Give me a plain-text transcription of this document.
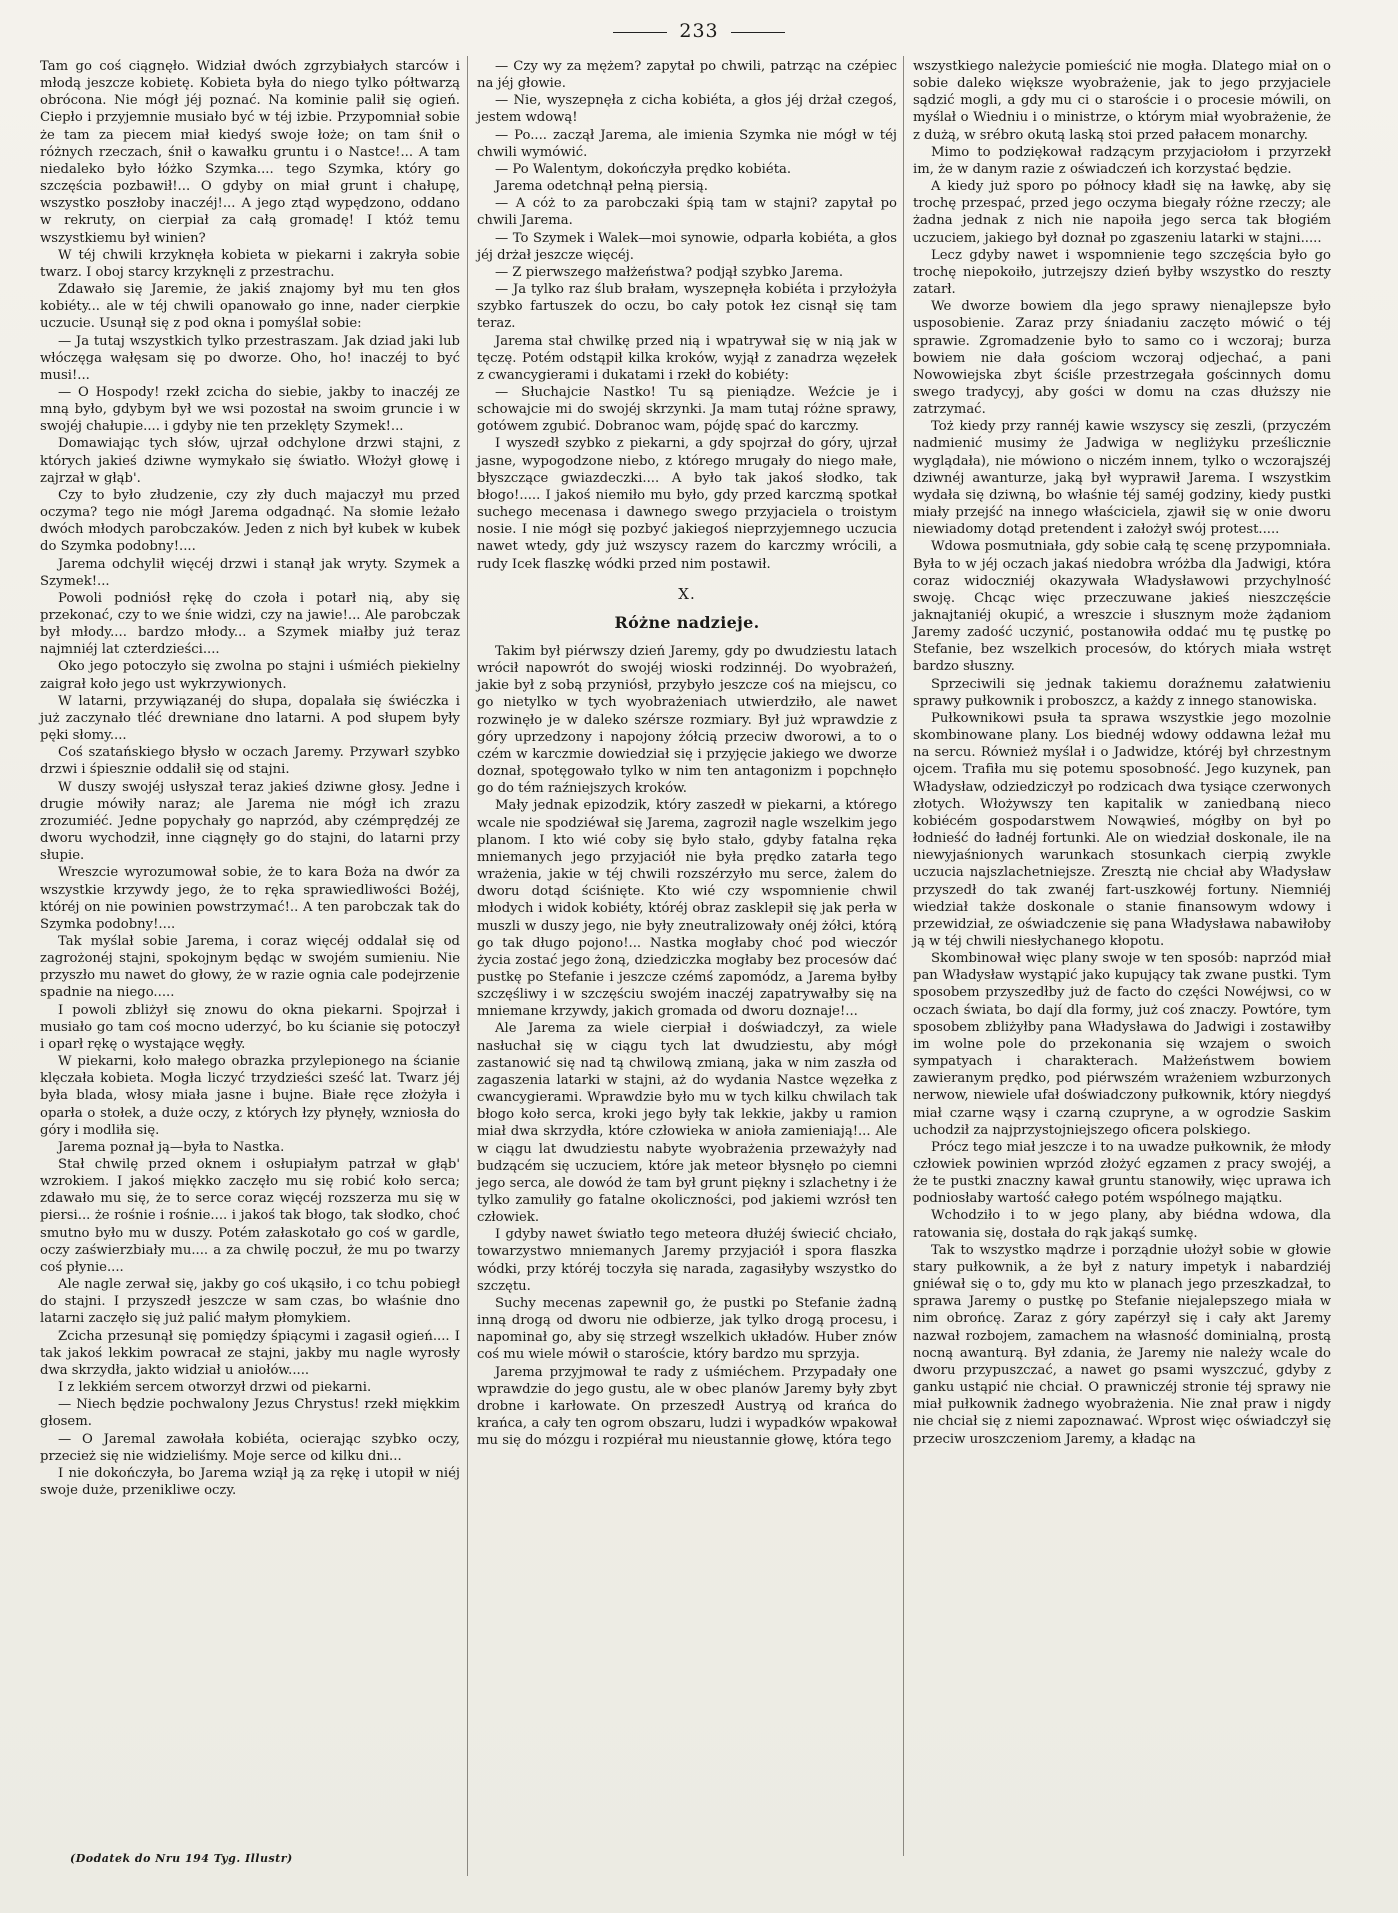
233

Tam go coś ciągnęło. Widział dwóch zgrzybiałych starców i młodą jeszcze kobietę. Kobieta była do niego tylko półtwarzą obrócona. Nie mógł jéj poznać. Na kominie palił się ogień. Ciepło i przyjemnie musiało być w téj izbie. Przypomniał sobie że tam za piecem miał kiedyś swoje łoże; on tam śnił o różnych rzeczach, śnił o kawałku gruntu i o Nastce!... A tam niedaleko było łóżko Szymka.... tego Szymka, który go szczęścia pozbawił!... O gdyby on miał grunt i chałupę, wszystko poszłoby inaczéj!... A jego ztąd wypędzono, oddano w rekruty, on cierpiał za całą gromadę! I któż temu wszystkiemu był winien?

W téj chwili krzyknęła kobieta w piekarni i zakryła sobie twarz. I oboj starcy krzyknęli z przestrachu.

Zdawało się Jaremie, że jakiś znajomy był mu ten głos kobiéty... ale w téj chwili opanowało go inne, nader cierpkie uczucie. Usunął się z pod okna i pomyślał sobie:

— Ja tutaj wszystkich tylko przestraszam. Jak dziad jaki lub włóczęga wałęsam się po dworze. Oho, ho! inaczéj to być musi!...

— O Hospody! rzekł zcicha do siebie, jakby to inaczéj ze mną było, gdybym był we wsi pozostał na swoim gruncie i w swojéj chałupie.... i gdyby nie ten przeklęty Szymek!...

Domawiając tych słów, ujrzał odchylone drzwi stajni, z których jakieś dziwne wymykało się światło. Włożył głowę i zajrzał w głąb'.

Czy to było złudzenie, czy zły duch majaczył mu przed oczyma? tego nie mógł Jarema odgadnąć. Na słomie leżało dwóch młodych parobczaków. Jeden z nich był kubek w kubek do Szymka podobny!....

Jarema odchylił więcéj drzwi i stanął jak wryty. Szymek a Szymek!...

Powoli podniósł rękę do czoła i potarł nią, aby się przekonać, czy to we śnie widzi, czy na jawie!... Ale parobczak był młody.... bardzo młody... a Szymek miałby już teraz najmniéj lat czterdzieści....

Oko jego potoczyło się zwolna po stajni i uśmiéch piekielny zaigrał koło jego ust wykrzywionych.

W latarni, przywiązanéj do słupa, dopalała się świéczka i już zaczynało tléć drewniane dno latarni. A pod słupem były pęki słomy....

Coś szatańskiego błysło w oczach Jaremy. Przywarł szybko drzwi i śpiesznie oddalił się od stajni.

W duszy swojéj usłyszał teraz jakieś dziwne głosy. Jedne i drugie mówiły naraz; ale Jarema nie mógł ich zrazu zrozumiéć. Jedne popychały go naprzód, aby czémprędzéj ze dworu wychodził, inne ciągnęły go do stajni, do latarni przy słupie.

Wreszcie wyrozumował sobie, że to kara Boża na dwór za wszystkie krzywdy jego, że to ręka sprawiedliwości Bożéj, któréj on nie powinien powstrzymać!.. A ten parobczak tak do Szymka podobny!....

Tak myślał sobie Jarema, i coraz więcéj oddalał się od zagrożonéj stajni, spokojnym będąc w swojém sumieniu. Nie przyszło mu nawet do głowy, że w razie ognia cale podejrzenie spadnie na niego.....

I powoli zbliżył się znowu do okna piekarni. Spojrzał i musiało go tam coś mocno uderzyć, bo ku ścianie się potoczył i oparł rękę o wystające węgły.

W piekarni, koło małego obrazka przylepionego na ścianie klęczała kobieta. Mogła liczyć trzydzieści sześć lat. Twarz jéj była blada, włosy miała jasne i bujne. Białe ręce złożyła i oparła o stołek, a duże oczy, z których łzy płynęły, wzniosła do góry i modliła się.

Jarema poznał ją—była to Nastka.

Stał chwilę przed oknem i osłupiałym patrzał w głąb' wzrokiem. I jakoś miękko zaczęło mu się robić koło serca; zdawało mu się, że to serce coraz więcéj rozszerza mu się w piersi... że rośnie i rośnie.... i jakoś tak błogo, tak słodko, choć smutno było mu w duszy. Potém załaskotało go coś w gardle, oczy zaświerzbiały mu.... a za chwilę poczuł, że mu po twarzy coś płynie....

Ale nagle zerwał się, jakby go coś ukąsiło, i co tchu pobiegł do stajni. I przyszedł jeszcze w sam czas, bo właśnie dno latarni zaczęło się już palić małym płomykiem.

Zcicha przesunął się pomiędzy śpiącymi i zagasił ogień.... I tak jakoś lekkim powracał ze stajni, jakby mu nagle wyrosły dwa skrzydła, jakto widział u aniołów.....

I z lekkiém sercem otworzył drzwi od piekarni.

— Niech będzie pochwalony Jezus Chrystus! rzekł miękkim głosem.

— O Jaremal zawołała kobiéta, ocierając szybko oczy, przecież się nie widzieliśmy. Moje serce od kilku dni...

I nie dokończyła, bo Jarema wziął ją za rękę i utopił w niéj swoje duże, przenikliwe oczy.

— Czy wy za mężem? zapytał po chwili, patrząc na czépiec na jéj głowie.

— Nie, wyszepnęła z cicha kobiéta, a głos jéj drżał czegoś, jestem wdową!

— Po.... zaczął Jarema, ale imienia Szymka nie mógł w téj chwili wymówić.

— Po Walentym, dokończyła prędko kobiéta.

Jarema odetchnął pełną piersią.

— A cóż to za parobczaki śpią tam w stajni? zapytał po chwili Jarema.

— To Szymek i Walek—moi synowie, odparła kobiéta, a głos jéj drżał jeszcze więcéj.

— Z pierwszego małżeństwa? podjął szybko Jarema.

— Ja tylko raz ślub brałam, wyszepnęła kobiéta i przyłożyła szybko fartuszek do oczu, bo cały potok łez cisnął się tam teraz.

Jarema stał chwilkę przed nią i wpatrywał się w nią jak w tęczę. Potém odstąpił kilka kroków, wyjął z zanadrza węzełek z cwancygierami i dukatami i rzekł do kobiéty:

— Słuchajcie Nastko! Tu są pieniądze. Weźcie je i schowajcie mi do swojéj skrzynki. Ja mam tutaj różne sprawy, gotówem zgubić. Dobranoc wam, pójdę spać do karczmy.

I wyszedł szybko z piekarni, a gdy spojrzał do góry, ujrzał jasne, wypogodzone niebo, z którego mrugały do niego małe, błyszczące gwiazdeczki.... A było tak jakoś słodko, tak błogo!..... I jakoś niemiło mu było, gdy przed karczmą spotkał suchego mecenasa i dawnego swego przyjaciela o troistym nosie. I nie mógł się pozbyć jakiegoś nieprzyjemnego uczucia nawet wtedy, gdy już wszyscy razem do karczmy wrócili, a rudy Icek flaszkę wódki przed nim postawił.

X.
Różne nadzieje.

Takim był piérwszy dzień Jaremy, gdy po dwudziestu latach wrócił napowrót do swojéj wioski rodzinnéj. Do wyobrażeń, jakie był z sobą przyniósł, przybyło jeszcze coś na miejscu, co go nietylko w tych wyobrażeniach utwierdziło, ale nawet rozwinęło je w daleko szérsze rozmiary. Był już wprawdzie z góry uprzedzony i napojony żółcią przeciw dworowi, a to o czém w karczmie dowiedział się i przyjęcie jakiego we dworze doznał, spotęgowało tylko w nim ten antagonizm i popchnęło go do tém raźniejszych kroków.

Mały jednak epizodzik, który zaszedł w piekarni, a którego wcale nie spodziéwał się Jarema, zagroził nagle wszelkim jego planom. I kto wié coby się było stało, gdyby fatalna ręka mniemanych jego przyjaciół nie była prędko zatarła tego wrażenia, jakie w téj chwili rozszérzyło mu serce, żalem do dworu dotąd ściśnięte. Kto wié czy wspomnienie chwil młodych i widok kobiéty, któréj obraz zasklepił się jak perła w muszli w duszy jego, nie były zneutralizowały onéj żółci, którą go tak długo pojono!... Nastka mogłaby choć pod wieczór życia zostać jego żoną, dziedziczka mogłaby bez procesów dać pustkę po Stefanie i jeszcze czémś zapomódz, a Jarema byłby szczęśliwy i w szczęściu swojém inaczéj zapatrywałby się na mniemane krzywdy, jakich gromada od dworu doznaje!...

Ale Jarema za wiele cierpiał i doświadczył, za wiele nasłuchał się w ciągu tych lat dwudziestu, aby mógł zastanowić się nad tą chwilową zmianą, jaka w nim zaszła od zagaszenia latarki w stajni, aż do wydania Nastce węzełka z cwancygierami. Wprawdzie było mu w tych kilku chwilach tak błogo koło serca, kroki jego były tak lekkie, jakby u ramion miał dwa skrzydła, które człowieka w anioła zamieniają!... Ale w ciągu lat dwudziestu nabyte wyobrażenia przeważyły nad budzącém się uczuciem, które jak meteor błysnęło po ciemni jego serca, ale dowód że tam był grunt piękny i szlachetny i że tylko zamuliły go fatalne okoliczności, pod jakiemi wzrósł ten człowiek.

I gdyby nawet światło tego meteora dłużéj świecić chciało, towarzystwo mniemanych Jaremy przyjaciół i spora flaszka wódki, przy któréj toczyła się narada, zagasiłyby wszystko do szczętu.

Suchy mecenas zapewnił go, że pustki po Stefanie żadną inną drogą od dworu nie odbierze, jak tylko drogą procesu, i napominał go, aby się strzegł wszelkich układów. Huber znów coś mu wiele mówił o staroście, który bardzo mu sprzyja.

Jarema przyjmował te rady z uśmiéchem. Przypadały one wprawdzie do jego gustu, ale w obec planów Jaremy były zbyt drobne i karłowate. On przeszedł Austryą od krańca do krańca, a cały ten ogrom obszaru, ludzi i wypadków wpakował mu się do mózgu i rozpiérał mu nieustannie głowę, która tego

wszystkiego należycie pomieścić nie mogła. Dlatego miał on o sobie daleko większe wyobrażenie, jak to jego przyjaciele sądzić mogli, a gdy mu ci o staroście i o procesie mówili, on myślał o Wiedniu i o ministrze, o którym miał wyobrażenie, że z dużą, w srébro okutą laską stoi przed pałacem monarchy.

Mimo to podziękował radzącym przyjaciołom i przyrzekł im, że w danym razie z oświadczeń ich korzystać będzie.

A kiedy już sporo po północy kładł się na ławkę, aby się trochę przespać, przed jego oczyma biegały różne rzeczy; ale żadna jednak z nich nie napoiła jego serca tak błogiém uczuciem, jakiego był doznał po zgaszeniu latarki w stajni.....

Lecz gdyby nawet i wspomnienie tego szczęścia było go trochę niepokoiło, jutrzejszy dzień byłby wszystko do reszty zatarł.

We dworze bowiem dla jego sprawy nienajlepsze było usposobienie. Zaraz przy śniadaniu zaczęto mówić o téj sprawie. Zgromadzenie było to samo co i wczoraj; burza bowiem nie dała gościom wczoraj odjechać, a pani Nowowiejska zbyt ściśle przestrzegała gościnnych domu swego tradycyj, aby gości w domu na czas dłuższy nie zatrzymać.

Toż kiedy przy rannéj kawie wszyscy się zeszli, (przyczém nadmienić musimy że Jadwiga w negliżyku prześlicznie wyglądała), nie mówiono o niczém innem, tylko o wczorajszéj dziwnéj awanturze, jaką był wyprawił Jarema. I wszystkim wydała się dziwną, bo właśnie téj saméj godziny, kiedy pustki miały przejść na innego właściciela, zjawił się w onie dworu niewiadomy dotąd pretendent i założył swój protest.....

Wdowa posmutniała, gdy sobie całą tę scenę przypomniała. Była to w jéj oczach jakaś niedobra wróżba dla Jadwigi, która coraz widoczniéj okazywała Władysławowi przychylność swoję. Chcąc więc przeczuwane jakieś nieszczęście jaknajtaniéj okupić, a wreszcie i słusznym może żądaniom Jaremy zadość uczynić, postanowiła oddać mu tę pustkę po Stefanie, bez wszelkich procesów, do których miała wstręt bardzo słuszny.

Sprzeciwili się jednak takiemu doraźnemu załatwieniu sprawy pułkownik i proboszcz, a każdy z innego stanowiska.

Pułkownikowi psuła ta sprawa wszystkie jego mozolnie skombinowane plany. Los biednéj wdowy oddawna leżał mu na sercu. Również myślał i o Jadwidze, któréj był chrzestnym ojcem. Trafiła mu się potemu sposobność. Jego kuzynek, pan Władysław, odziedziczył po rodzicach dwa tysiące czerwonych złotych. Włożywszy ten kapitalik w zaniedbaną nieco kobiécém gospodarstwem Nowąwieś, mógłby on był po łodnieść do ładnéj fortunki. Ale on wiedział doskonale, ile na niewyjaśnionych warunkach stosunkach cierpią zwykle uczucia najszlachetniejsze. Zresztą nie chciał aby Władysław przyszedł do tak zwanéj fart-uszkowéj fortuny. Niemniéj wiedział także doskonale o stanie finansowym wdowy i przewidział, ze oświadczenie się pana Władysława nabawiłoby ją w téj chwili niesłychanego kłopotu.

Skombinował więc plany swoje w ten sposób: naprzód miał pan Władysław wystąpić jako kupujący tak zwane pustki. Tym sposobem przyszedłby już de facto do części Nowéjwsi, co w oczach świata, bo dají dla formy, już coś znaczy. Powtóre, tym sposobem zbliżyłby pana Władysława do Jadwigi i zostawiłby im wolne pole do przekonania się wzajem o swoich sympatyach i charakterach. Małżeństwem bowiem zawieranym prędko, pod piérwszém wrażeniem wzburzonych nerwow, niewiele ufał doświadczony pułkownik, który niegdyś miał czarne wąsy i czarną czupryne, a w ogrodzie Saskim uchodził za najprzystojniejszego oficera polskiego.

Prócz tego miał jeszcze i to na uwadze pułkownik, że młody człowiek powinien wprzód złożyć egzamen z pracy swojéj, a że te pustki znaczny kawał gruntu stanowiły, więc uprawa ich podniosłaby wartość całego potém wspólnego majątku.

Wchodziło i to w jego plany, aby biédna wdowa, dla ratowania się, dostała do rąk jakąś sumkę.

Tak to wszystko mądrze i porządnie ułożył sobie w głowie stary pułkownik, a że był z natury impetyk i nabardziéj gniéwał się o to, gdy mu kto w planach jego przeszkadzał, to sprawa Jaremy o pustkę po Stefanie niejalepszego miała w nim obrońcę. Zaraz z góry zapérzył się i cały akt Jaremy nazwał rozbojem, zamachem na własność dominialną, prostą nocną awanturą. Był zdania, że Jaremy nie należy wcale do dworu przypuszczać, a nawet go psami wyszczuć, gdyby z ganku ustąpić nie chciał. O prawniczéj stronie téj sprawy nie miał pułkownik żadnego wyobrażenia. Nie znał praw i nigdy nie chciał się z niemi zapoznawać. Wprost więc oświadczył się przeciw uroszczeniom Jaremy, a kładąc na

(Dodatek do Nru 194 Tyg. Illustr)
